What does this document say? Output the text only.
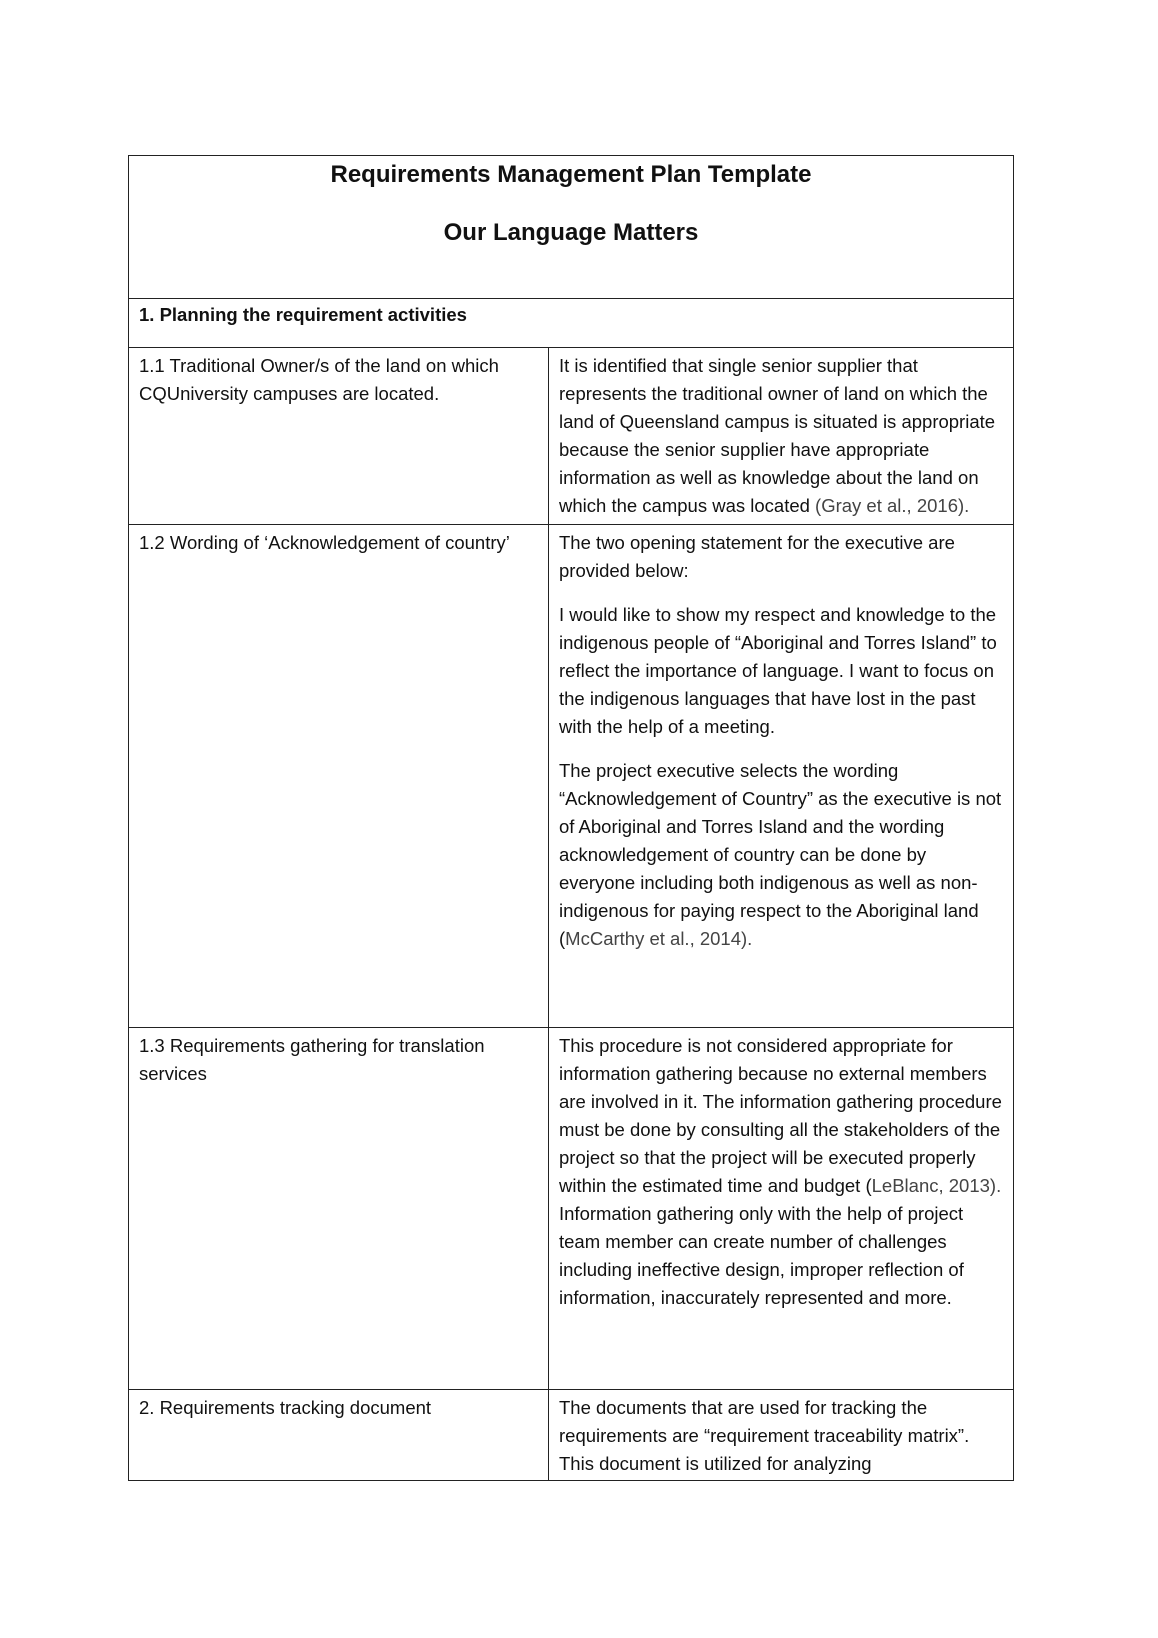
Requirements Management Plan Template

Our Language Matters	

1. Planning the requirement activities	
1.1 Traditional Owner/s of the land on which CQUniversity campuses are located.	It is identified that single senior supplier that represents the traditional owner of land on which the land of Queensland campus is situated is appropriate because the senior supplier have appropriate information as well as knowledge about the land on which the campus was located (Gray et al., 2016).

1.2 Wording of ‘Acknowledgement of country’	The two opening statement for the executive are provided below:

I would like to show my respect and knowledge to the indigenous people of “Aboriginal and Torres Island” to reflect the importance of language. I want to focus on the indigenous languages that have lost in the past with the help of a meeting.

The project executive selects the wording “Acknowledgement of Country” as the executive is not of Aboriginal and Torres Island and the wording acknowledgement of country can be done by everyone including both indigenous as well as non-indigenous for paying respect to the Aboriginal land (McCarthy et al., 2014).

1.3 Requirements gathering for translation services	This procedure is not considered appropriate for information gathering because no external members are involved in it. The information gathering procedure

must be done by consulting all the stakeholders of the project so that the project will be executed properly within the estimated time and budget (LeBlanc, 2013). Information gathering only with the help of project team member can create number of challenges including ineffective design, improper reflection of information, inaccurately represented and more.

2. Requirements tracking document	The documents that are used for tracking the requirements are “requirement traceability matrix”. This document is utilized for analyzing
